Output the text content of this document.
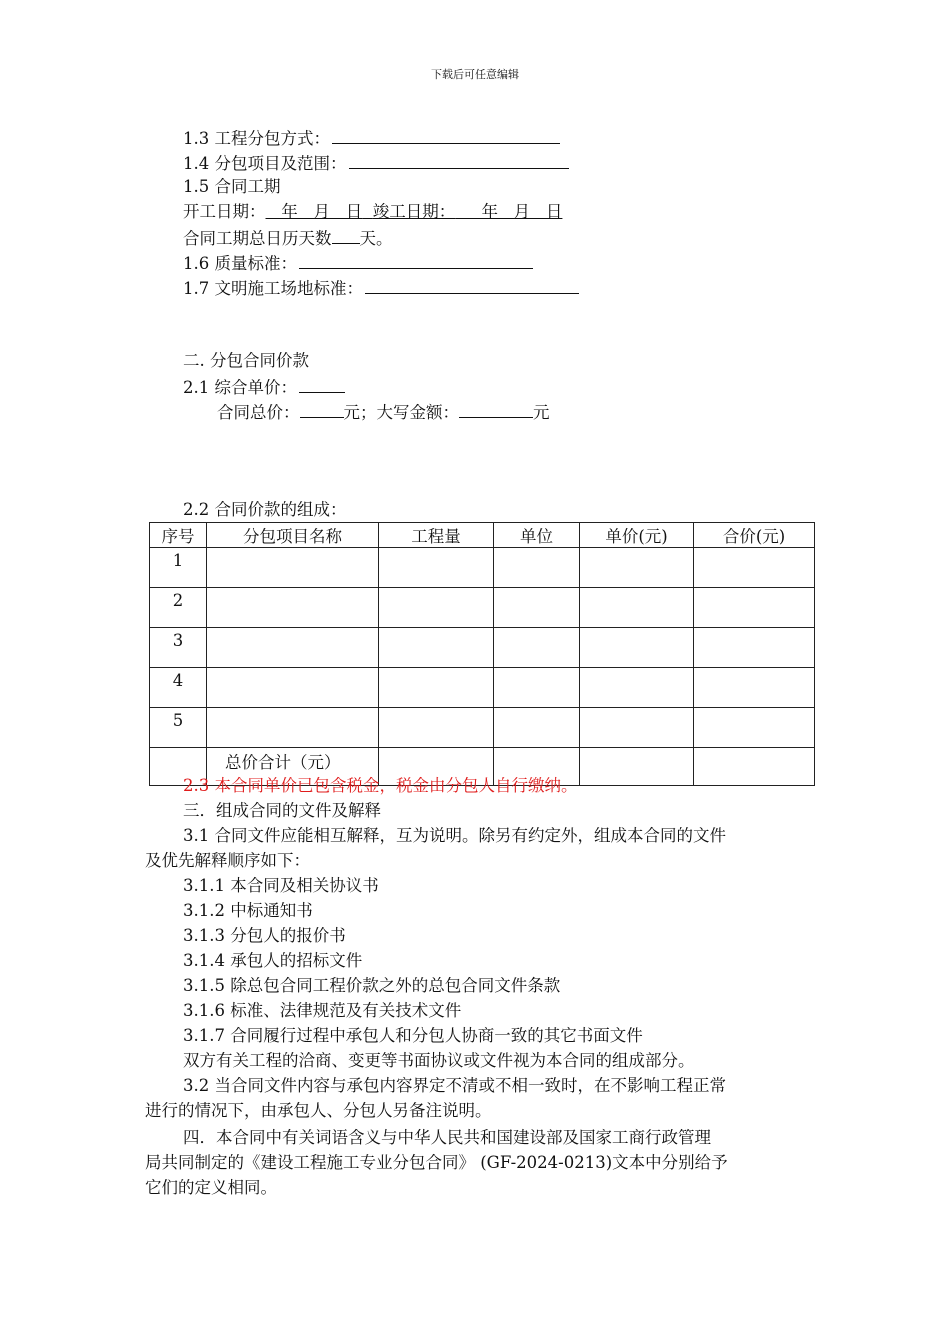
下载后可任意编辑
1.3 工程分包方式：
1.4 分包项目及范围：
1.5 合同工期
开工日期：   年   月   日 竣工日期：     年   月   日
合同工期总日历天数 天。
1.6 质量标准：
1.7 文明施工场地标准：
二. 分包合同价款
2.1 综合单价：
合同总价：	元；大写金额：	元
2.2 合同价款的组成：
序号	分包项目名称	工程量	单位	单价(元)	合价(元)
1					
2					
3					
4					
5					
	总价合计（元）				
2.3 本合同单价已包含税金，税金由分包人自行缴纳。
三．组成合同的文件及解释
3.1 合同文件应能相互解释，互为说明。除另有约定外，组成本合同的文件
及优先解释顺序如下：
3.1.1 本合同及相关协议书
3.1.2 中标通知书
3.1.3 分包人的报价书
3.1.4 承包人的招标文件
3.1.5 除总包合同工程价款之外的总包合同文件条款
3.1.6 标准、法律规范及有关技术文件
3.1.7 合同履行过程中承包人和分包人协商一致的其它书面文件
双方有关工程的洽商、变更等书面协议或文件视为本合同的组成部分。
3.2 当合同文件内容与承包内容界定不清或不相一致时，在不影响工程正常
进行的情况下，由承包人、分包人另备注说明。
四．本合同中有关词语含义与中华人民共和国建设部及国家工商行政管理
局共同制定的《建设工程施工专业分包合同》 (GF-2024-0213)文本中分别给予
它们的定义相同。
